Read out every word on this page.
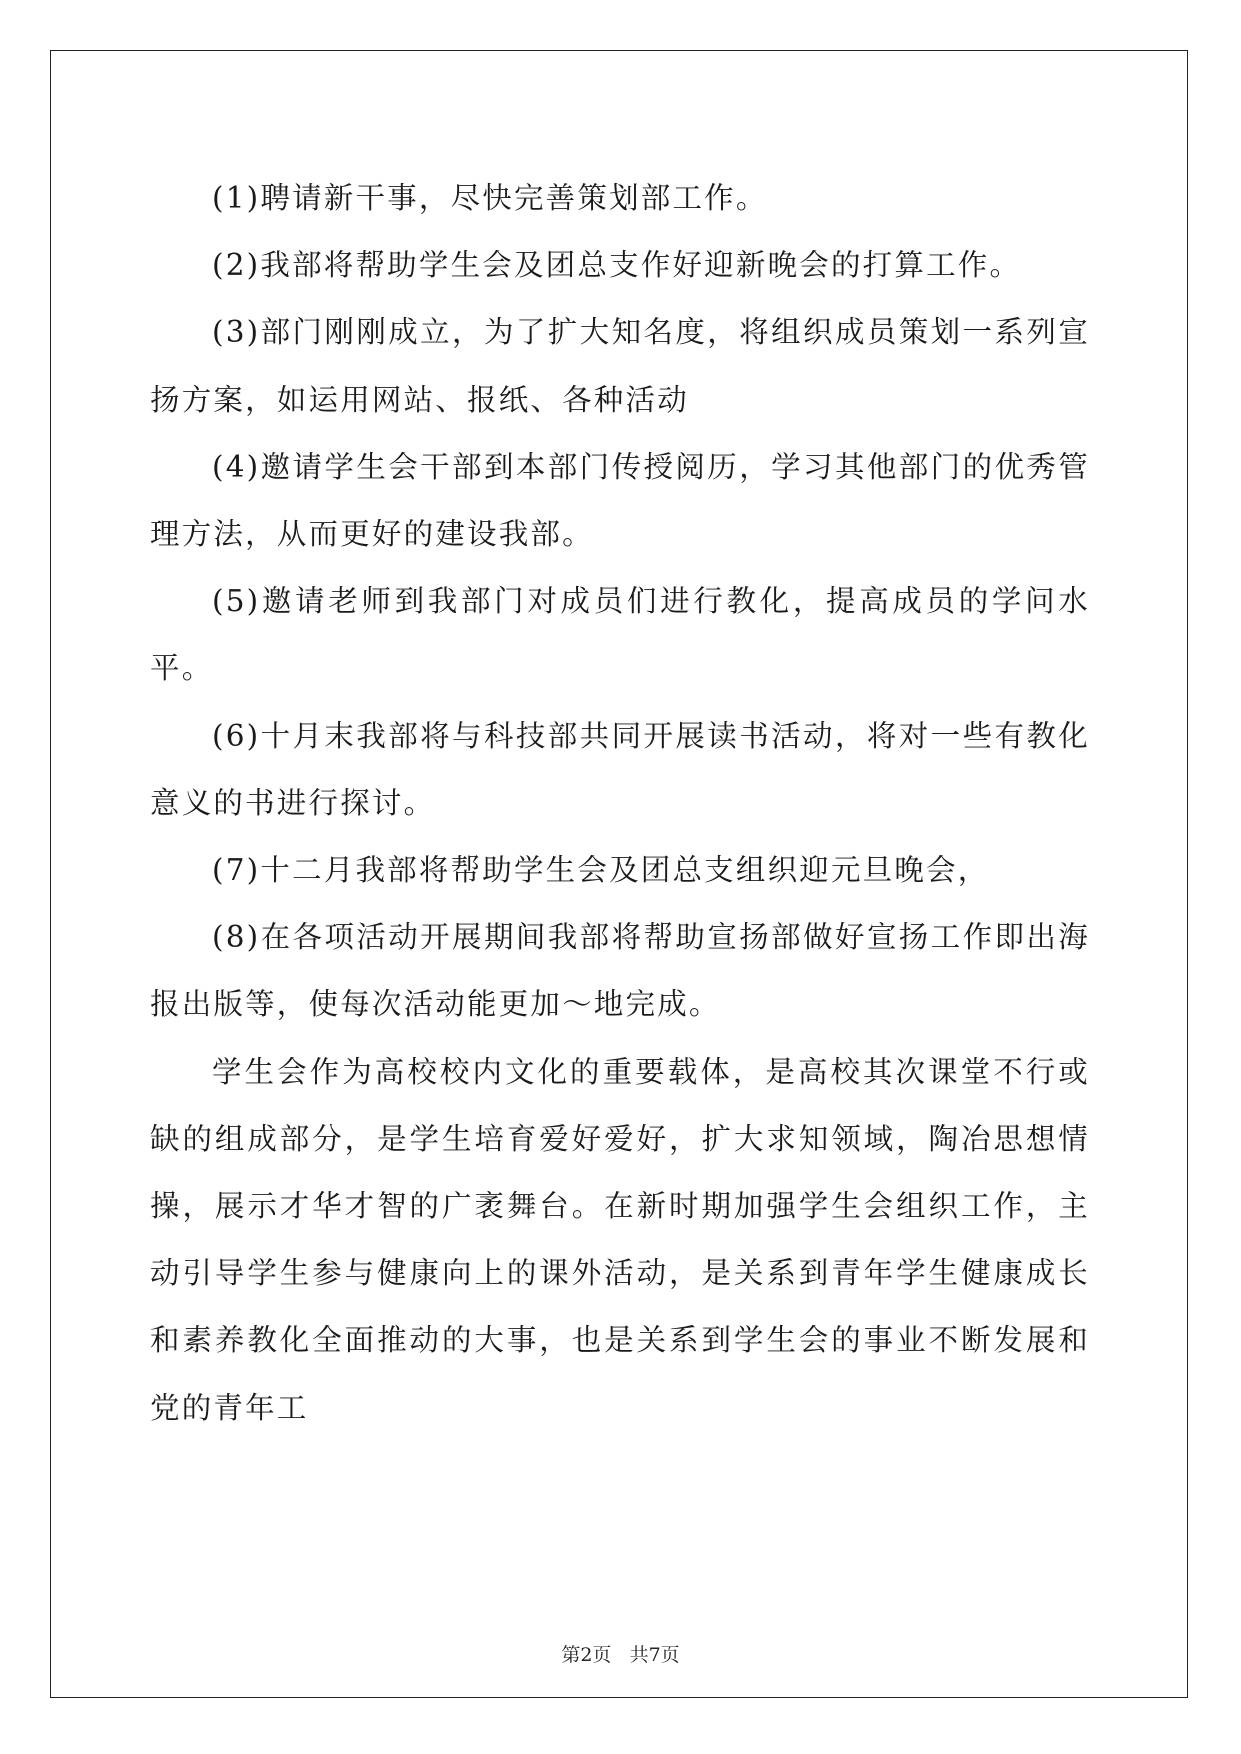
(1)聘请新干事，尽快完善策划部工作。

(2)我部将帮助学生会及团总支作好迎新晚会的打算工作。

(3)部门刚刚成立，为了扩大知名度，将组织成员策划一系列宣扬方案，如运用网站、报纸、各种活动

(4)邀请学生会干部到本部门传授阅历，学习其他部门的优秀管理方法，从而更好的建设我部。

(5)邀请老师到我部门对成员们进行教化，提高成员的学问水平。

(6)十月末我部将与科技部共同开展读书活动，将对一些有教化意义的书进行探讨。

(7)十二月我部将帮助学生会及团总支组织迎元旦晚会，

(8)在各项活动开展期间我部将帮助宣扬部做好宣扬工作即出海报出版等，使每次活动能更加～地完成。

学生会作为高校校内文化的重要载体，是高校其次课堂不行或缺的组成部分，是学生培育爱好爱好，扩大求知领域，陶冶思想情操，展示才华才智的广袤舞台。在新时期加强学生会组织工作，主动引导学生参与健康向上的课外活动，是关系到青年学生健康成长和素养教化全面推动的大事，也是关系到学生会的事业不断发展和党的青年工

第2页 共7页
